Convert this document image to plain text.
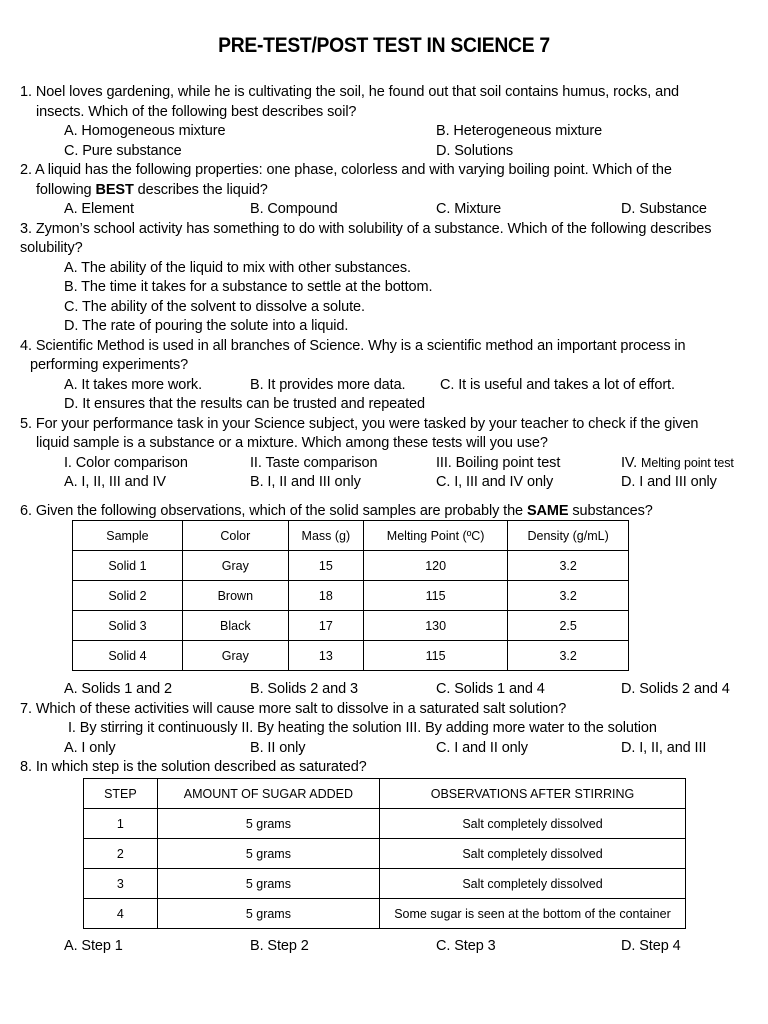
PRE-TEST/POST TEST IN SCIENCE 7
1. Noel loves gardening, while he is cultivating the soil, he found out that soil contains humus, rocks, and
insects. Which of the following best describes soil?
A. Homogeneous mixture	B. Heterogeneous mixture
C. Pure substance	D. Solutions
2. A liquid has the following properties: one phase, colorless and with varying boiling point. Which of the
following BEST describes the liquid?
A. Element	B. Compound	C. Mixture	D. Substance
3. Zymon’s school activity has something to do with solubility of a substance. Which of the following describes
solubility?
A. The ability of the liquid to mix with other substances.
B. The time it takes for a substance to settle at the bottom.
C. The ability of the solvent to dissolve a solute.
D. The rate of pouring the solute into a liquid.
4. Scientific Method is used in all branches of Science. Why is a scientific method an important process in
performing experiments?
A. It takes more work.	B. It provides more data. C. It is useful and takes a lot of effort.
D. It ensures that the results can be trusted and repeated
5. For your performance task in your Science subject, you were tasked by your teacher to check if the given
liquid sample is a substance or a mixture. Which among these tests will you use?
I. Color comparison	II. Taste comparison	III. Boiling point test	IV. Melting point test
A. I, II, III and IV	B. I, II and III only	C. I, III and IV only	D. I and III only
6. Given the following observations, which of the solid samples are probably the SAME substances?
Sample	Color	Mass (g)	Melting Point (ºC)	Density (g/mL)
Solid 1	Gray	15	120	3.2
Solid 2	Brown	18	115	3.2
Solid 3	Black	17	130	2.5
Solid 4	Gray	13	115	3.2
A. Solids 1 and 2	B. Solids 2 and 3	C. Solids 1 and 4	D. Solids 2 and 4
7. Which of these activities will cause more salt to dissolve in a saturated salt solution?
I. By stirring it continuously II. By heating the solution III. By adding more water to the solution
A. I only	B. II only	C. I and II only	D. I, II, and III
8. In which step is the solution described as saturated?
STEP	AMOUNT OF SUGAR ADDED	OBSERVATIONS AFTER STIRRING
1	5 grams	Salt completely dissolved
2	5 grams	Salt completely dissolved
3	5 grams	Salt completely dissolved
4	5 grams	Some sugar is seen at the bottom of the container
A. Step 1	B. Step 2	C. Step 3	D. Step 4
